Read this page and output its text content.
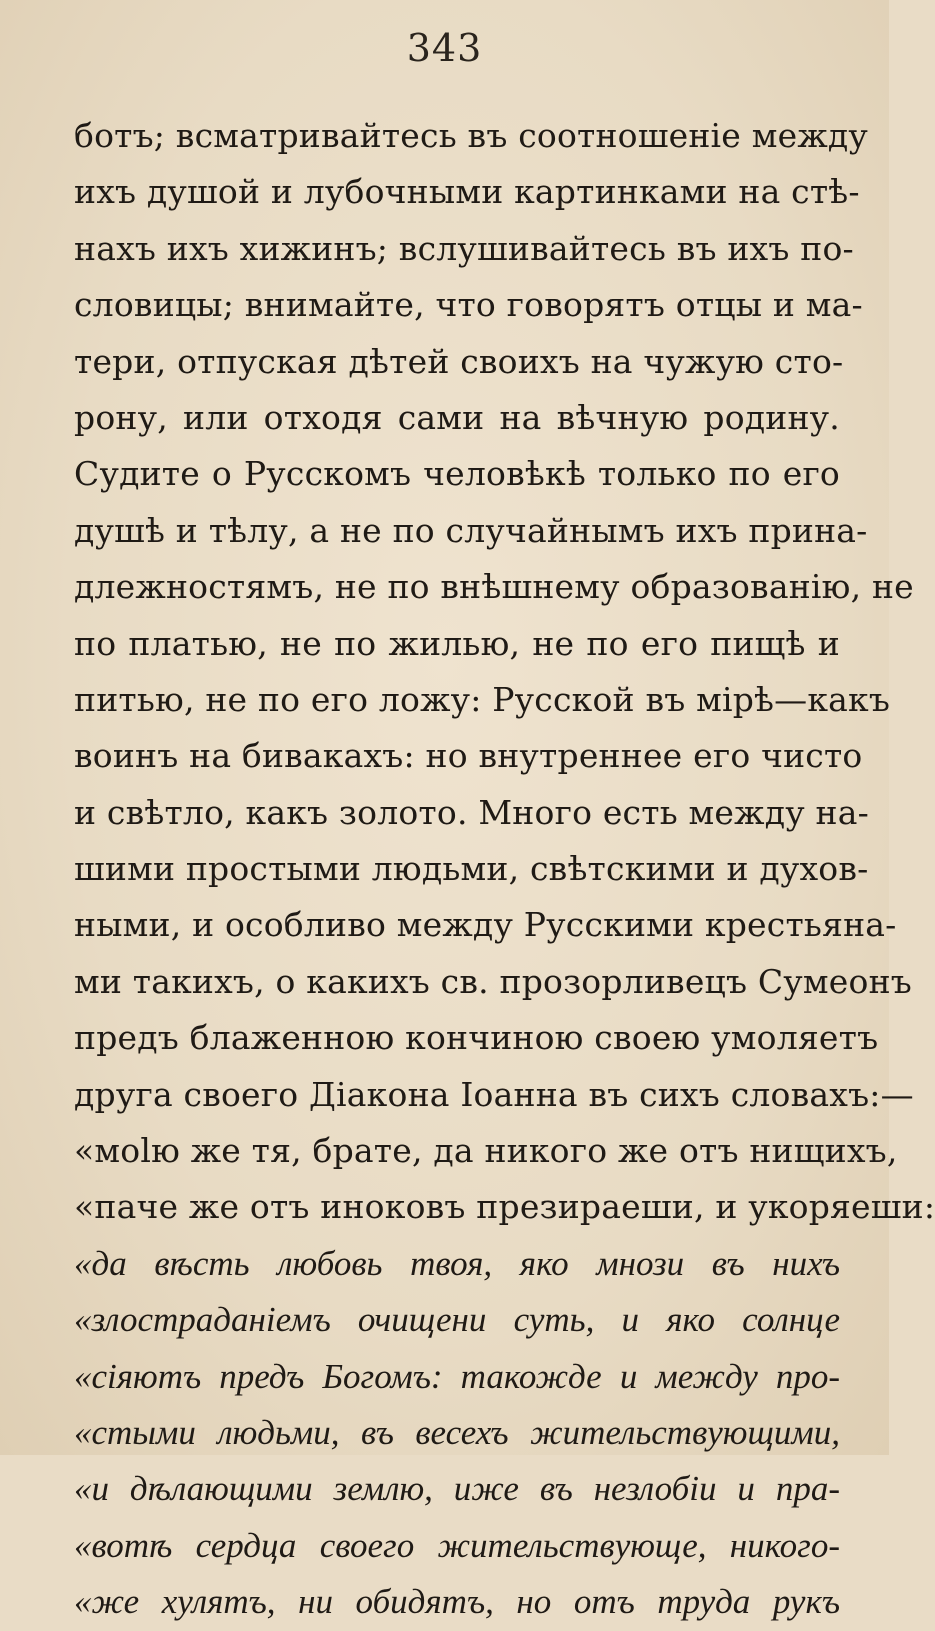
343
ботъ; всматривайтесь въ соотношеніе между
ихъ душой и лубочными картинками на стѣ-
нахъ ихъ хижинъ; вслушивайтесь въ ихъ по-
словицы; внимайте, что говорятъ отцы и ма-
тери, отпуская дѣтей своихъ на чужую сто-
рону, или отходя сами на вѣчную родину.
Судите о Русскомъ человѣкѣ только по его
душѣ и тѣлу, а не по случайнымъ ихъ прина-
длежностямъ, не по внѣшнему образованію, не
по платью, не по жилью, не по его пищѣ и
питью, не по его ложу: Русской въ мірѣ—какъ
воинъ на бивакахъ: но внутреннее его чисто
и свѣтло, какъ золото. Много есть между на-
шими простыми людьми, свѣтскими и духов-
ными, и особливо между Русскими крестьяна-
ми такихъ, о какихъ св. прозорливецъ Сумеонъ
предъ блаженною кончиною своею умоляетъ
друга своего Діакона Іоанна въ сихъ словахъ:—
«моlю же тя, брате, да никого же отъ нищихъ,
«паче же отъ иноковъ презираеши, и укоряеши:
«да вѣсть любовь твоя, яко мнози въ нихъ
«злостраданіемъ очищени суть, и яко солнце
«сіяютъ предъ Богомъ: такожде и между про-
«стыми людьми, въ весехъ жительствующими,
«и дѣлающими землю, иже въ незлобіи и пра-
«вотѣ сердца своего жительствующе, никого-
«же хулятъ, ни обидятъ, но отъ труда рукъ
